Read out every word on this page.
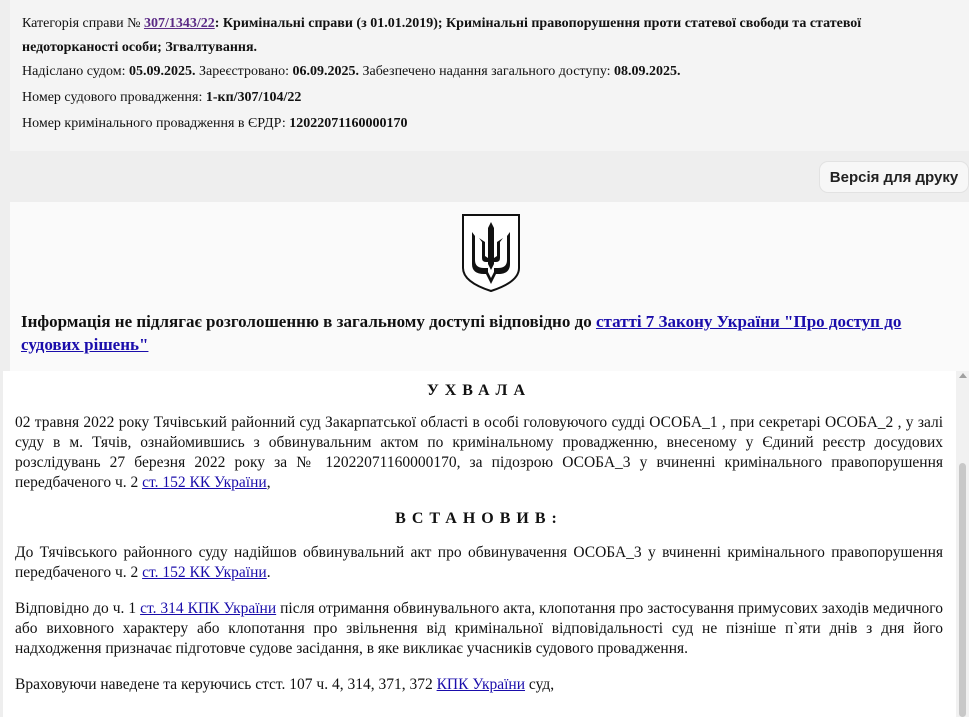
Категорія справи № 307/1343/22: Кримінальні справи (з 01.01.2019); Кримінальні правопорушення проти статевої свободи та статевої недоторканості особи; Згвалтування.
Надіслано судом: 05.09.2025. Зареєстровано: 06.09.2025. Забезпечено надання загального доступу: 08.09.2025.
Номер судового провадження: 1-кп/307/104/22
Номер кримінального провадження в ЄРДР: 12022071160000170
Версія для друку
Інформація не підлягає розголошенню в загальному доступі відповідно до статті 7 Закону України "Про доступ до судових рішень"
УХВАЛА

02 травня 2022 року Тячівський районний суд Закарпатської області в особі головуючого судді ОСОБА_1 , при секретарі ОСОБА_2 , у залі суду в м. Тячів, ознайомившись з обвинувальним актом по кримінальному провадженню, внесеному у Єдиний реєстр досудових розслідувань 27 березня 2022 року за № 12022071160000170, за підозрою ОСОБА_3 у вчиненні кримінального правопорушення передбаченого ч. 2 ст. 152 КК України,

ВСТАНОВИВ:

До Тячівського районного суду надійшов обвинувальний акт про обвинувачення ОСОБА_3 у вчиненні кримінального правопорушення передбаченого ч. 2 ст. 152 КК України.

Відповідно до ч. 1 ст. 314 КПК України після отримання обвинувального акта, клопотання про застосування примусових заходів медичного або виховного характеру або клопотання про звільнення від кримінальної відповідальності суд не пізніше п`яти днів з дня його надходження призначає підготовче судове засідання, в яке викликає учасників судового провадження.

Враховуючи наведене та керуючись стст. 107 ч. 4, 314, 371, 372 КПК України суд,
